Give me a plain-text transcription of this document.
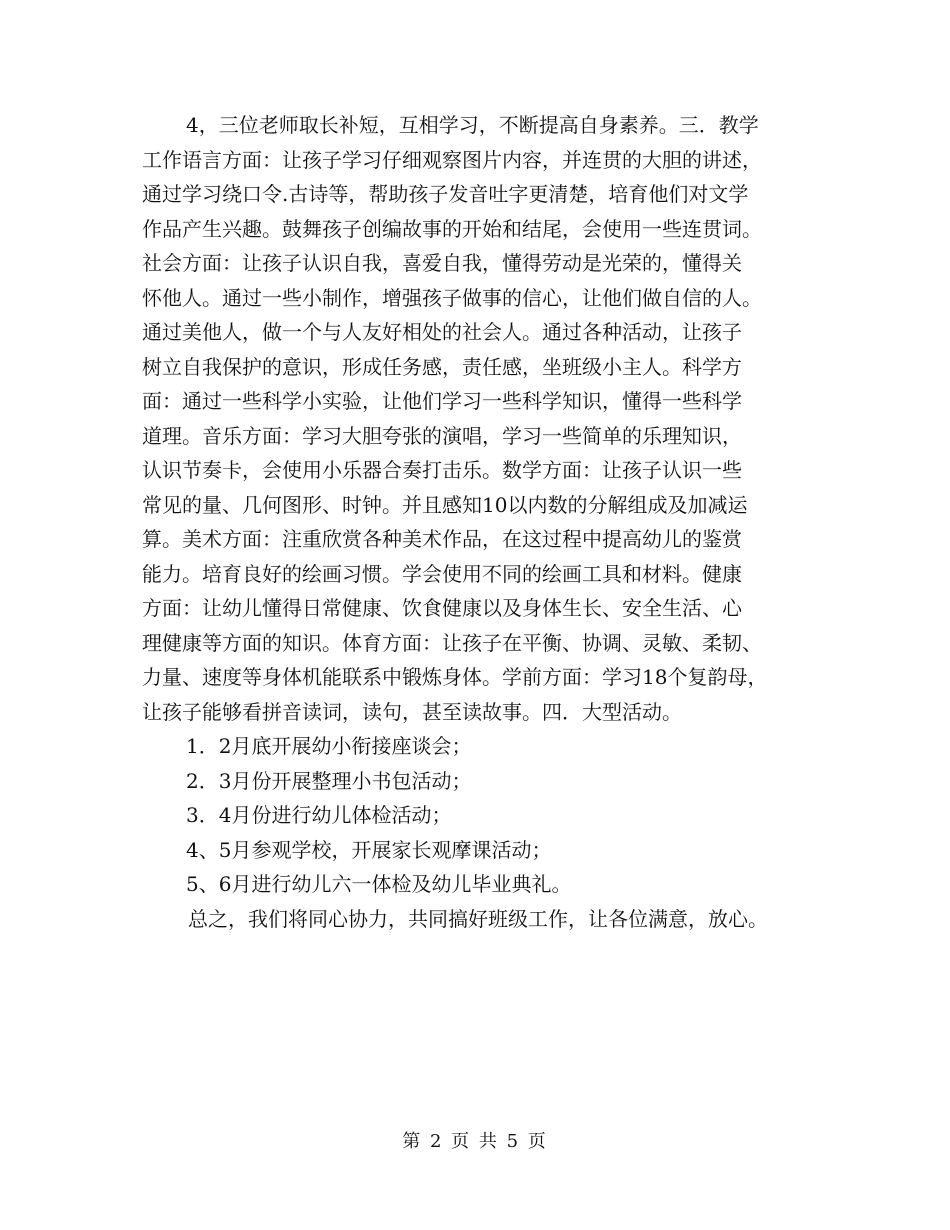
4，三位老师取长补短，互相学习，不断提高自身素养。三．教学
工作语言方面：让孩子学习仔细观察图片内容，并连贯的大胆的讲述，
通过学习绕口令.古诗等，帮助孩子发音吐字更清楚，培育他们对文学
作品产生兴趣。鼓舞孩子创编故事的开始和结尾，会使用一些连贯词。
社会方面：让孩子认识自我，喜爱自我，懂得劳动是光荣的，懂得关
怀他人。通过一些小制作，增强孩子做事的信心，让他们做自信的人。
通过美他人，做一个与人友好相处的社会人。通过各种活动，让孩子
树立自我保护的意识，形成任务感，责任感，坐班级小主人。科学方
面：通过一些科学小实验，让他们学习一些科学知识，懂得一些科学
道理。音乐方面：学习大胆夸张的演唱，学习一些简单的乐理知识，
认识节奏卡，会使用小乐器合奏打击乐。数学方面：让孩子认识一些
常见的量、几何图形、时钟。并且感知10以内数的分解组成及加减运
算。美术方面：注重欣赏各种美术作品，在这过程中提高幼儿的鉴赏
能力。培育良好的绘画习惯。学会使用不同的绘画工具和材料。健康
方面：让幼儿懂得日常健康、饮食健康以及身体生长、安全生活、心
理健康等方面的知识。体育方面：让孩子在平衡、协调、灵敏、柔韧、
力量、速度等身体机能联系中锻炼身体。学前方面：学习18个复韵母，
让孩子能够看拼音读词，读句，甚至读故事。四．大型活动。
1．2月底开展幼小衔接座谈会；
2．3月份开展整理小书包活动；
3．4月份进行幼儿体检活动；
4、5月参观学校，开展家长观摩课活动；
5、6月进行幼儿六一体检及幼儿毕业典礼。
总之，我们将同心协力，共同搞好班级工作，让各位满意，放心。
第 2 页 共 5 页
